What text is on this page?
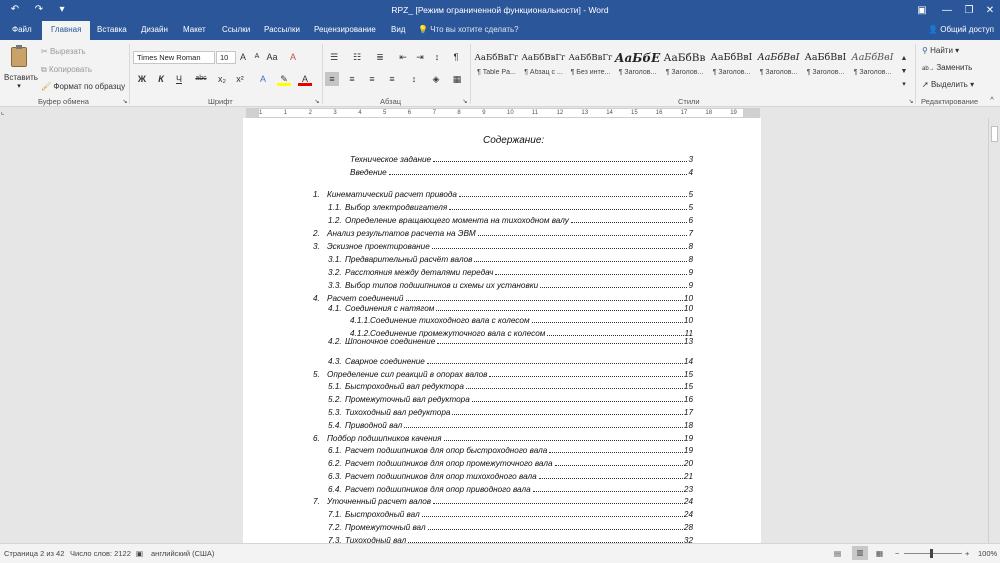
↶ ↷	▾	RPZ_ [Режим ограниченной функциональности] - Word	▣	—	❐	✕
Файл	Главная	Вставка Дизайн Макет Ссылки Рассылки Рецензирование Вид 💡 Что вы хотите сделать?	👤 Общий доступ
Вставить
▾
✂ Вырезать
⧉ Копировать
🖌 Формат по образцу
Буфер обмена	↘
Times New Roman	10	A	A Aa	A
Ж	К	Ч	abc	x₂	x²	A	✎	A
Шрифт	↘
☰	☷	≣	⇤	⇥	↕	¶
≡	≡	≡	≡	↕	◈	▦
Абзац	↘
АаБбВвГг
¶ Table Pa...
АаБбВвГг
¶ Абзац с ...
АаБбВвГг
¶ Без инте...
АаБбЕ
¶ Заголов...
АаБбВв
¶ Заголов...
АаБбВвІ
¶ Заголов...
АаБбВвІ
¶ Заголов...
АаБбВвІ
¶ Заголов...
АаБбВвІ
¶ Заголов...
▲
▼
▾
Стили	↘
⚲ Найти ▾
ab→ Заменить
➚ Выделить ▾
Редактирование	^
⌞	1	1	2	3	4	5	6	7	8	9	10	11	12	13	14	15	16	17	18	19
Содержание:
Техническое задание	3
Введение	4
1. Кинематический расчет привода	5
1.1. Выбор электродвигателя	5
1.2. Определение вращающего момента на тихоходном валу	6
2. Анализ результатов расчета на ЭВМ	7
3. Эскизное проектирование	8
3.1. Предварительный расчёт валов	8
3.2. Расстояния между деталями передач	9
3.3. Выбор типов подшипников и схемы их установки	9
4. Расчет соединений	10
4.1. Соединения с натягом	10
4.1.1. Соединение тихоходного вала с колесом	10
4.1.2. Соединение промежуточного вала с колесом	11
4.2. Шпоночное соединение	13
4.3. Сварное соединение	14
5. Определение сил реакций в опорах валов	15
5.1. Быстроходный вал редуктора	15
5.2. Промежуточный вал редуктора	16
5.3. Тихоходный вал редуктора	17
5.4. Приводной вал	18
6. Подбор подшипников качения	19
6.1. Расчет подшипников для опор быстроходного вала	19
6.2. Расчет подшипников для опор промежуточного вала	20
6.3. Расчет подшипников для опор тихоходного вала	21
6.4. Расчет подшипников для опор приводного вала	23
7. Уточненный расчет валов	24
7.1. Быстроходный вал	24
7.2. Промежуточный вал	28
7.3. Тихоходный вал	32
Страница 2 из 42 Число слов: 2122 ▣ английский (США)	▤	▥	▦ −	+ 100%
